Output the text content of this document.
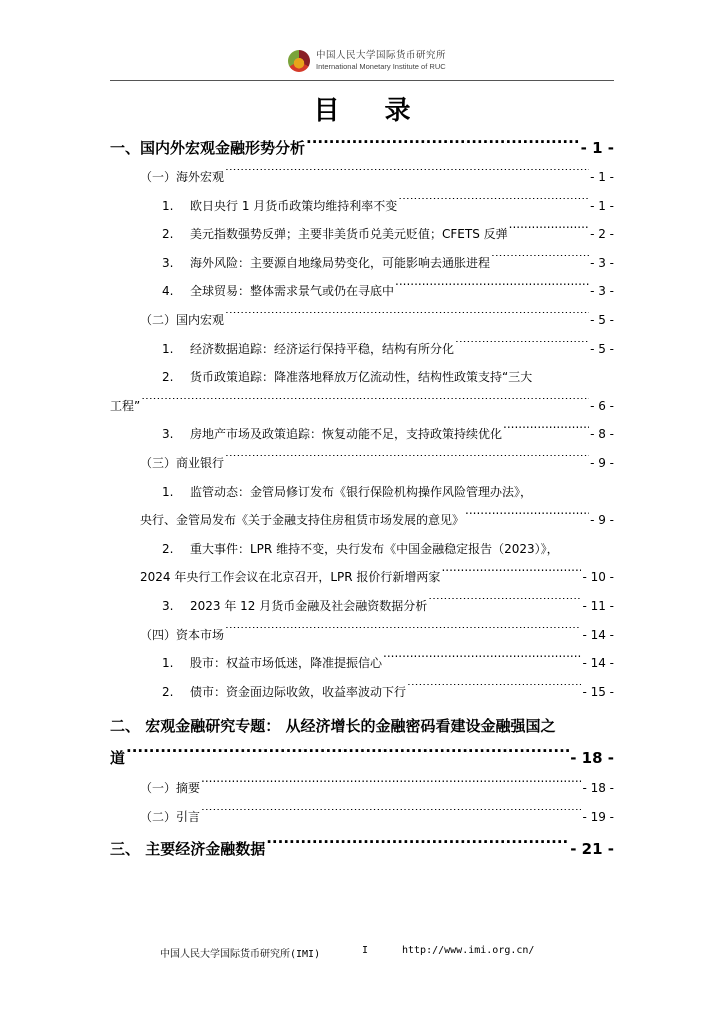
中国人民大学国际货币研究所
International Monetary Institute of RUC
目 录
一、国内外宏观金融形势分析 .....	- 1 -
（一）海外宏观 .....	- 1 -
1.	欧日央行 1 月货币政策均维持利率不变 .....	- 1 -
2.	美元指数强势反弹；主要非美货币兑美元贬值；CFETS 反弹 .....	- 2 -
3.	海外风险：主要源自地缘局势变化，可能影响去通胀进程 .....	- 3 -
4.	全球贸易：整体需求景气或仍在寻底中 .....	- 3 -
（二）国内宏观 .....	- 5 -
1.	经济数据追踪：经济运行保持平稳，结构有所分化 .....	- 5 -
2. 货币政策追踪：降准落地释放万亿流动性，结构性政策支持“三大
工程” .....	- 6 -
3.	房地产市场及政策追踪：恢复动能不足，支持政策持续优化 .....	- 8 -
（三）商业银行 .....	- 9 -
1. 监管动态：金管局修订发布《银行保险机构操作风险管理办法》，
央行、金管局发布《关于金融支持住房租赁市场发展的意见》 .....	- 9 -
2. 重大事件：LPR 维持不变，央行发布《中国金融稳定报告（2023）》，
2024 年央行工作会议在北京召开，LPR 报价行新增两家 .....	- 10 -
3.	2023 年 12 月货币金融及社会融资数据分析 .....	- 11 -
（四）资本市场 .....	- 14 -
1.	股市：权益市场低迷，降准提振信心 .....	- 14 -
2.	债市：资金面边际收敛，收益率波动下行 .....	- 15 -
二、 宏观金融研究专题： 从经济增长的金融密码看建设金融强国之
道 .....	- 18 -
（一）摘要 .....	- 18 -
（二）引言 .....	- 19 -
三、 主要经济金融数据 .....	- 21 -
中国人民大学国际货币研究所(IMI)	I	http://www.imi.org.cn/
